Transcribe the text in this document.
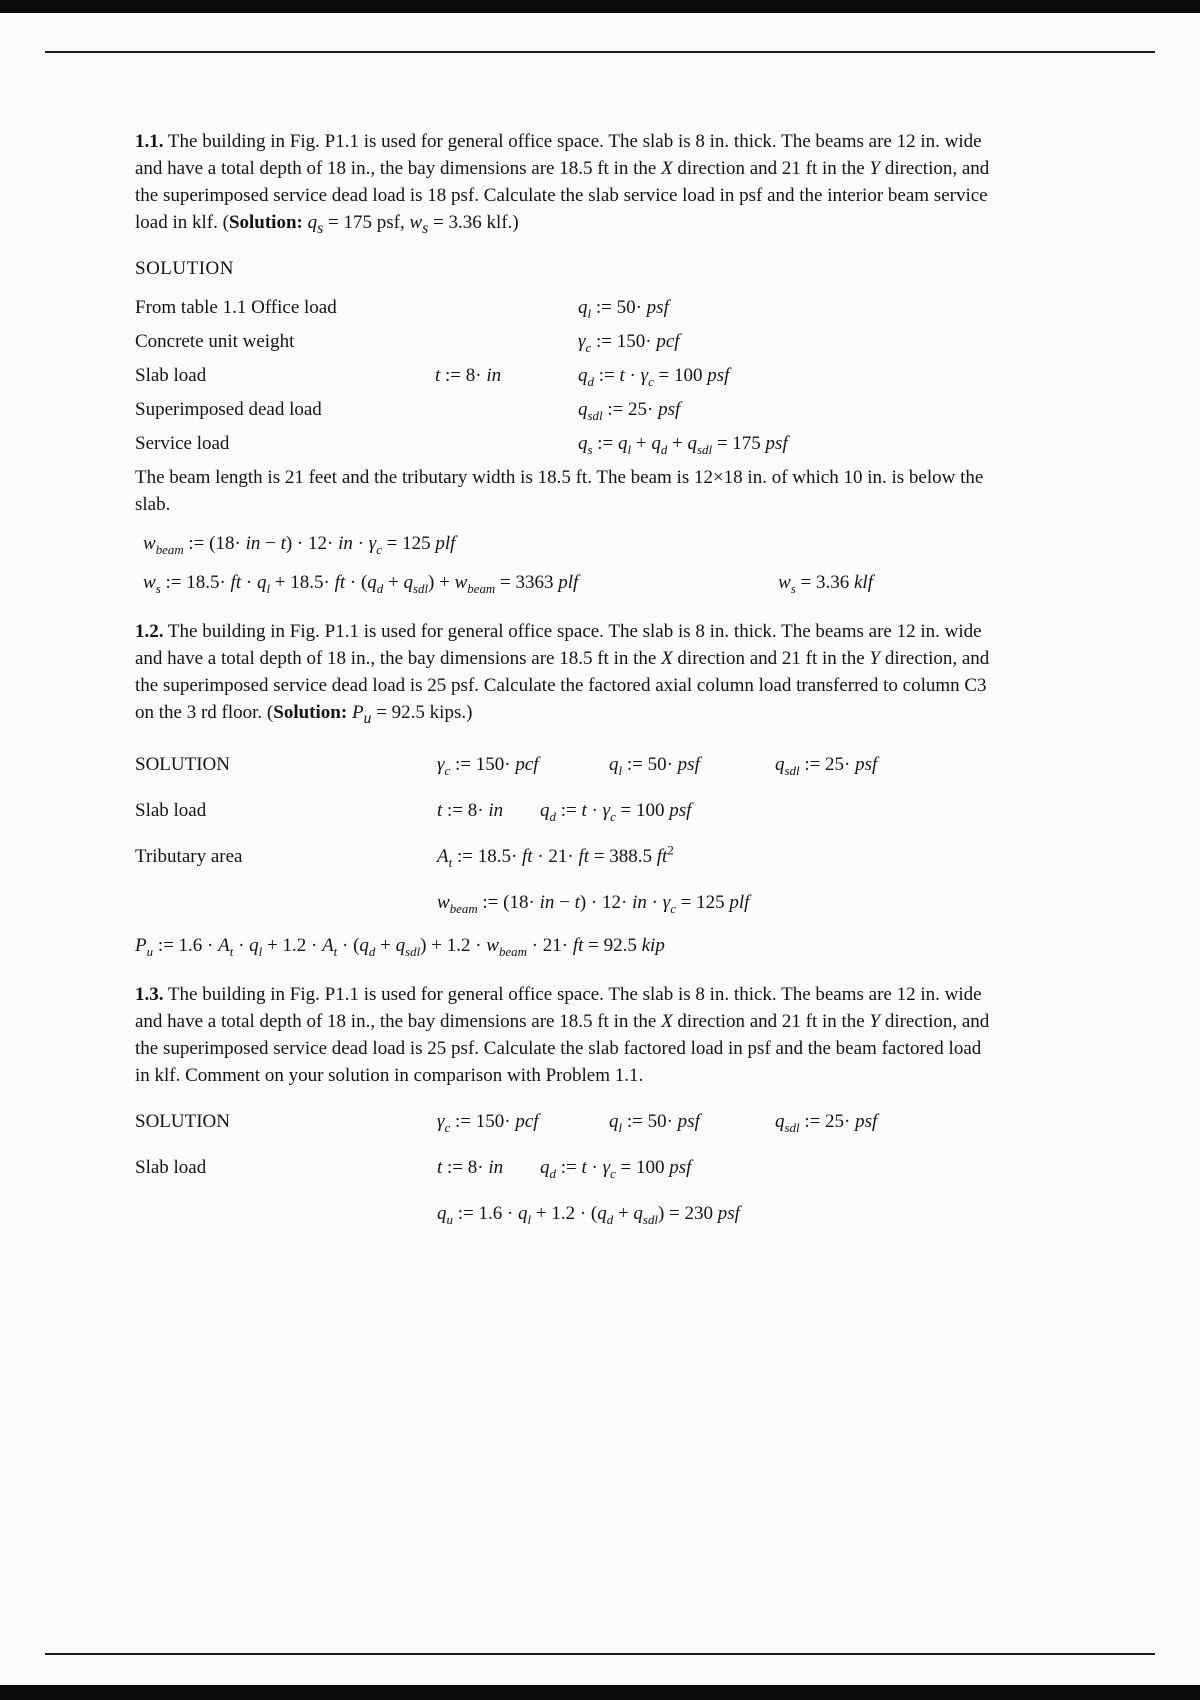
1.1. The building in Fig. P1.1 is used for general office space. The slab is 8 in. thick. The beams are 12 in. wide and have a total depth of 18 in., the bay dimensions are 18.5 ft in the X direction and 21 ft in the Y direction, and the superimposed service dead load is 18 psf. Calculate the slab service load in psf and the interior beam service load in klf. (Solution: $q_s = 175$ psf, $w_s = 3.36$ klf.)

SOLUTION
From table 1.1 Office load	$q_l$ := 50· psf
Concrete unit weight	$\gamma_c$ := 150· pcf
Slab load	t := 8· in	$q_d$ := $t \cdot \gamma_c = 100$ psf
Superimposed dead load	$q_{sdl}$ := 25· psf
Service load	$q_s$ := $q_l + q_d + q_{sdl} = 175$ psf

The beam length is 21 feet and the tributary width is 18.5 ft. The beam is 12×18 in. of which 10 in. is below the slab.

$w_{beam}$ := (18· in − t) · 12· in · $\gamma_c = 125$ plf
$w_s$ := 18.5· ft · $q_l + 18.5\cdot$ ft · $(q_d + q_{sdl}) + w_{beam} = 3363$ plf	$w_s = 3.36$ klf

1.2. The building in Fig. P1.1 is used for general office space. The slab is 8 in. thick. The beams are 12 in. wide and have a total depth of 18 in., the bay dimensions are 18.5 ft in the X direction and 21 ft in the Y direction, and the superimposed service dead load is 25 psf. Calculate the factored axial column load transferred to column C3 on the 3 rd floor. (Solution: $P_u = 92.5$ kips.)

SOLUTION	$\gamma_c$ := 150· pcf	$q_l$ := 50· psf	$q_{sdl}$ := 25· psf
Slab load	t := 8· in	$q_d$ := $t \cdot \gamma_c = 100$ psf
Tributary area	$A_t$ := 18.5· ft · 21· ft = 388.5 $ft^2$
$w_{beam}$ := (18· in − t) · 12· in · $\gamma_c = 125$ plf
$P_u$ := $1.6 \cdot A_t \cdot q_l + 1.2 \cdot A_t \cdot (q_d + q_{sdl}) + 1.2 \cdot w_{beam} \cdot 21\cdot$ ft = 92.5 kip

1.3. The building in Fig. P1.1 is used for general office space. The slab is 8 in. thick. The beams are 12 in. wide and have a total depth of 18 in., the bay dimensions are 18.5 ft in the X direction and 21 ft in the Y direction, and the superimposed service dead load is 25 psf. Calculate the slab factored load in psf and the beam factored load in klf. Comment on your solution in comparison with Problem 1.1.

SOLUTION	$\gamma_c$ := 150· pcf	$q_l$ := 50· psf	$q_{sdl}$ := 25· psf
Slab load	t := 8· in	$q_d$ := $t \cdot \gamma_c = 100$ psf
$q_u$ := $1.6 \cdot q_l + 1.2 \cdot (q_d + q_{sdl}) = 230$ psf
